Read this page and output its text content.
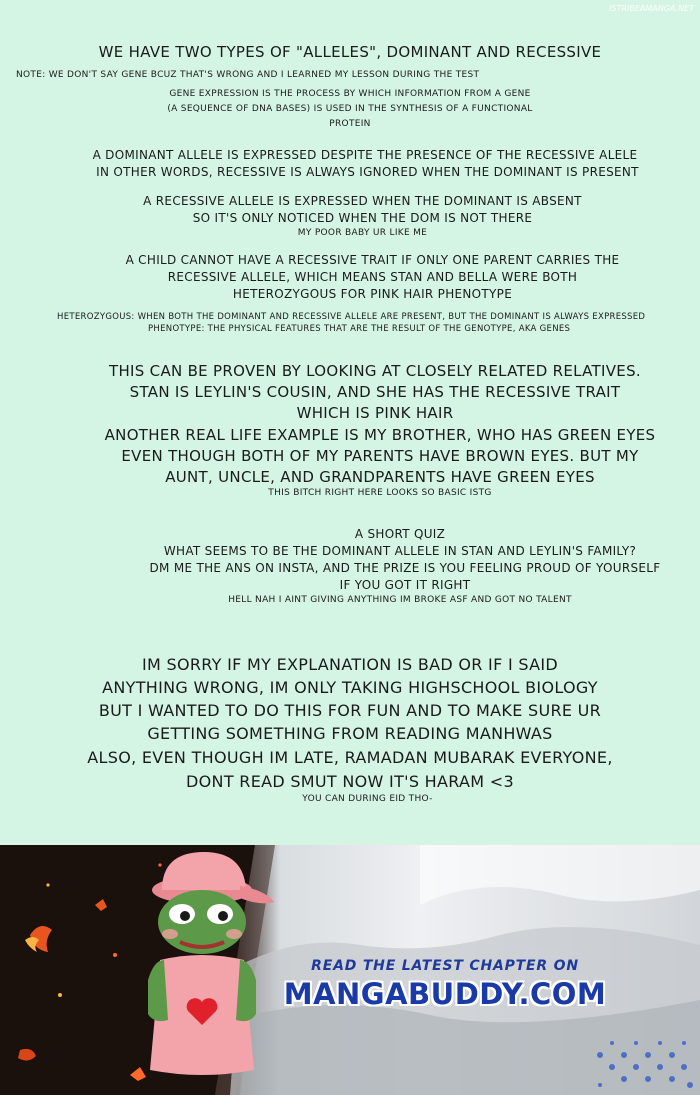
ISTRIBEAMANGA.NET
WE HAVE TWO TYPES OF "ALLELES", DOMINANT AND RECESSIVE
NOTE: WE DON'T SAY GENE BCUZ THAT'S WRONG AND I LEARNED MY LESSON DURING THE TEST
GENE EXPRESSION IS THE PROCESS BY WHICH INFORMATION FROM A GENE
(A SEQUENCE OF DNA BASES) IS USED IN THE SYNTHESIS OF A FUNCTIONAL
PROTEIN
A DOMINANT ALLELE IS EXPRESSED DESPITE THE PRESENCE OF THE RECESSIVE ALELE
IN OTHER WORDS, RECESSIVE IS ALWAYS IGNORED WHEN THE DOMINANT IS PRESENT
A RECESSIVE ALLELE IS EXPRESSED WHEN THE DOMINANT IS ABSENT
SO IT'S ONLY NOTICED WHEN THE DOM IS NOT THERE
MY POOR BABY UR LIKE ME
A CHILD CANNOT HAVE A RECESSIVE TRAIT IF ONLY ONE PARENT CARRIES THE
RECESSIVE ALLELE, WHICH MEANS STAN AND BELLA WERE BOTH
HETEROZYGOUS FOR PINK HAIR PHENOTYPE
HETEROZYGOUS: WHEN BOTH THE DOMINANT AND RECESSIVE ALLELE ARE PRESENT, BUT THE DOMINANT IS ALWAYS EXPRESSED
PHENOTYPE: THE PHYSICAL FEATURES THAT ARE THE RESULT OF THE GENOTYPE, AKA GENES
THIS CAN BE PROVEN BY LOOKING AT CLOSELY RELATED RELATIVES.
STAN IS LEYLIN'S COUSIN, AND SHE HAS THE RECESSIVE TRAIT
WHICH IS PINK HAIR
ANOTHER REAL LIFE EXAMPLE IS MY BROTHER, WHO HAS GREEN EYES
EVEN THOUGH BOTH OF MY PARENTS HAVE BROWN EYES. BUT MY
AUNT, UNCLE, AND GRANDPARENTS HAVE GREEN EYES
THIS BITCH RIGHT HERE LOOKS SO BASIC ISTG
A SHORT QUIZ
WHAT SEEMS TO BE THE DOMINANT ALLELE IN STAN AND LEYLIN'S FAMILY?
DM ME THE ANS ON INSTA, AND THE PRIZE IS YOU FEELING PROUD OF YOURSELF
IF YOU GOT IT RIGHT
HELL NAH I AINT GIVING ANYTHING IM BROKE ASF AND GOT NO TALENT
IM SORRY IF MY EXPLANATION IS BAD OR IF I SAID
ANYTHING WRONG, IM ONLY TAKING HIGHSCHOOL BIOLOGY
BUT I WANTED TO DO THIS FOR FUN AND TO MAKE SURE UR
GETTING SOMETHING FROM READING MANHWAS
ALSO, EVEN THOUGH IM LATE, RAMADAN MUBARAK EVERYONE,
DONT READ SMUT NOW IT'S HARAM <3
YOU CAN DURING EID THO-
READ THE LATEST CHAPTER ON
MANGABUDDY.COM
